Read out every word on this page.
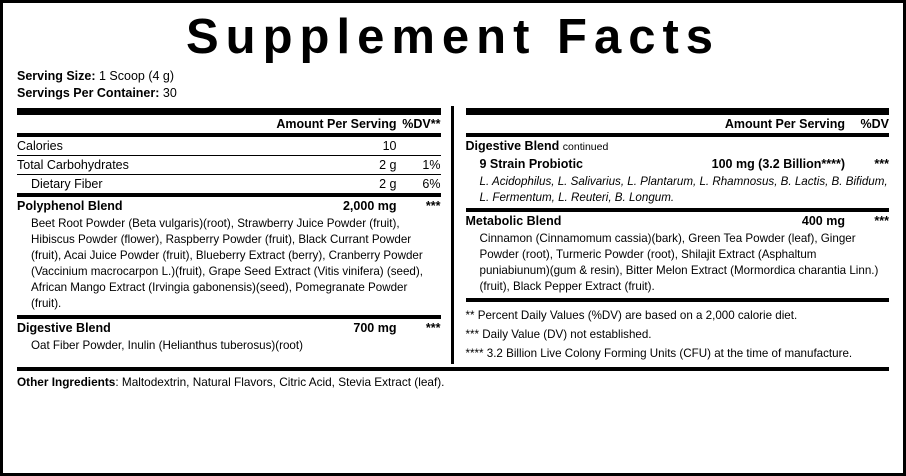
Supplement Facts
Serving Size: 1 Scoop (4 g)
Servings Per Container: 30
	Amount Per Serving	%DV**
Calories	10	
Total Carbohydrates	2 g	1%
Dietary Fiber	2 g	6%
Polyphenol Blend	2,000 mg	***
Beet Root Powder (Beta vulgaris)(root), Strawberry Juice Powder (fruit), Hibiscus Powder (flower), Raspberry Powder (fruit), Black Currant Powder (fruit), Acai Juice Powder (fruit), Blueberry Extract (berry), Cranberry Powder (Vaccinium macrocarpon L.)(fruit), Grape Seed Extract (Vitis vinifera) (seed), African Mango Extract (Irvingia gabonensis)(seed), Pomegranate Powder (fruit).		
Digestive Blend	700 mg	***
Oat Fiber Powder, Inulin (Helianthus tuberosus)(root)		
	Amount Per Serving	%DV
Digestive Blend continued		
9 Strain Probiotic	100 mg (3.2 Billion****)	***
L. Acidophilus, L. Salivarius, L. Plantarum, L. Rhamnosus, B. Lactis, B. Bifidum, L. Fermentum, L. Reuteri, B. Longum.		
Metabolic Blend	400 mg	***
Cinnamon (Cinnamomum cassia)(bark), Green Tea Powder (leaf), Ginger Powder (root), Turmeric Powder (root), Shilajit Extract (Asphaltum puniabiunum)(gum & resin), Bitter Melon Extract (Mormordica charantia Linn.)(fruit), Black Pepper Extract (fruit).		
** Percent Daily Values (%DV) are based on a 2,000 calorie diet.
*** Daily Value (DV) not established.
**** 3.2 Billion Live Colony Forming Units (CFU) at the time of manufacture.
Other Ingredients: Maltodextrin, Natural Flavors, Citric Acid, Stevia Extract (leaf).
